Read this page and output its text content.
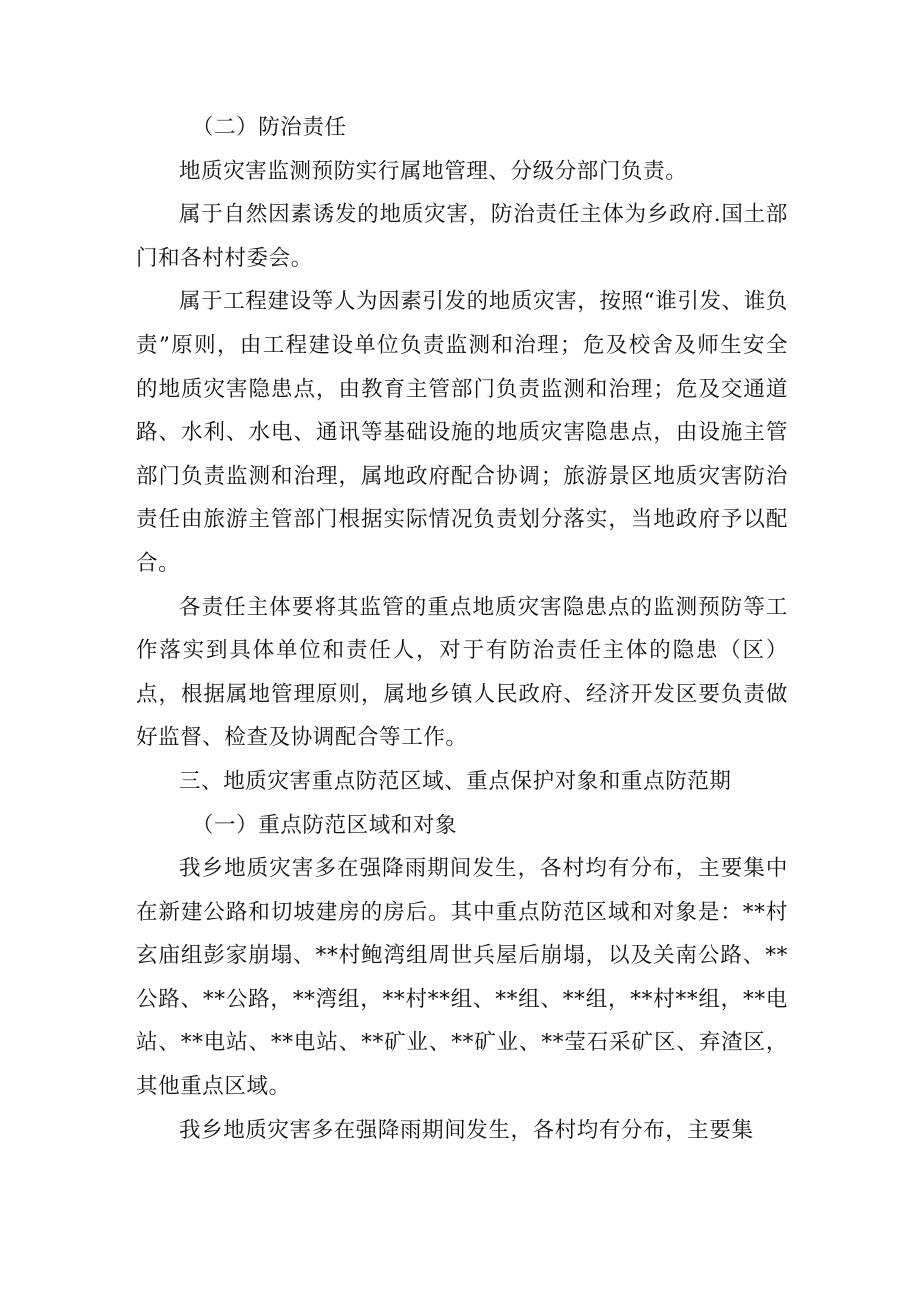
（二）防治责任

地质灾害监测预防实行属地管理、分级分部门负责。

属于自然因素诱发的地质灾害，防治责任主体为乡政府.国土部门和各村村委会。

属于工程建设等人为因素引发的地质灾害，按照“谁引发、谁负责”原则，由工程建设单位负责监测和治理；危及校舍及师生安全的地质灾害隐患点，由教育主管部门负责监测和治理；危及交通道路、水利、水电、通讯等基础设施的地质灾害隐患点，由设施主管部门负责监测和治理，属地政府配合协调；旅游景区地质灾害防治责任由旅游主管部门根据实际情况负责划分落实，当地政府予以配合。

各责任主体要将其监管的重点地质灾害隐患点的监测预防等工作落实到具体单位和责任人，对于有防治责任主体的隐患（区）点，根据属地管理原则，属地乡镇人民政府、经济开发区要负责做好监督、检查及协调配合等工作。

三、地质灾害重点防范区域、重点保护对象和重点防范期

（一）重点防范区域和对象

我乡地质灾害多在强降雨期间发生，各村均有分布，主要集中在新建公路和切坡建房的房后。其中重点防范区域和对象是：**村玄庙组彭家崩塌、**村鲍湾组周世兵屋后崩塌，以及关南公路、**公路、**公路，**湾组，**村**组、**组、**组，**村**组，**电站、**电站、**电站、**矿业、**矿业、**莹石采矿区、弃渣区，其他重点区域。

我乡地质灾害多在强降雨期间发生，各村均有分布，主要集
